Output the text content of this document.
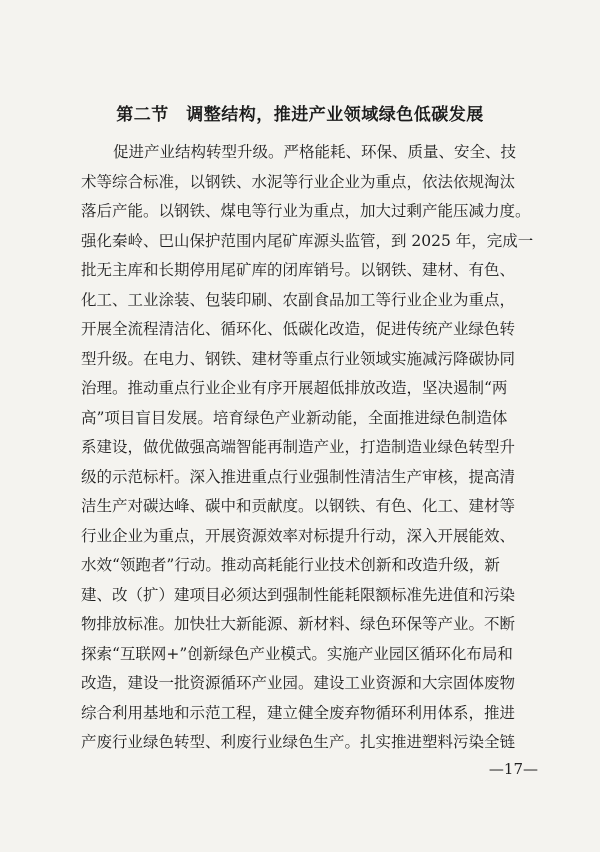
第二节　调整结构，推进产业领域绿色低碳发展
促进产业结构转型升级。严格能耗、环保、质量、安全、技
术等综合标准，以钢铁、水泥等行业企业为重点，依法依规淘汰
落后产能。以钢铁、煤电等行业为重点，加大过剩产能压减力度。
强化秦岭、巴山保护范围内尾矿库源头监管，到 2025 年，完成一
批无主库和长期停用尾矿库的闭库销号。以钢铁、建材、有色、
化工、工业涂装、包装印刷、农副食品加工等行业企业为重点，
开展全流程清洁化、循环化、低碳化改造，促进传统产业绿色转
型升级。在电力、钢铁、建材等重点行业领域实施减污降碳协同
治理。推动重点行业企业有序开展超低排放改造，坚决遏制“两
高”项目盲目发展。培育绿色产业新动能，全面推进绿色制造体
系建设，做优做强高端智能再制造产业，打造制造业绿色转型升
级的示范标杆。深入推进重点行业强制性清洁生产审核，提高清
洁生产对碳达峰、碳中和贡献度。以钢铁、有色、化工、建材等
行业企业为重点，开展资源效率对标提升行动，深入开展能效、
水效“领跑者”行动。推动高耗能行业技术创新和改造升级，新
建、改（扩）建项目必须达到强制性能耗限额标准先进值和污染
物排放标准。加快壮大新能源、新材料、绿色环保等产业。不断
探索“互联网+”创新绿色产业模式。实施产业园区循环化布局和
改造，建设一批资源循环产业园。建设工业资源和大宗固体废物
综合利用基地和示范工程，建立健全废弃物循环利用体系，推进
产废行业绿色转型、利废行业绿色生产。扎实推进塑料污染全链
—17—
